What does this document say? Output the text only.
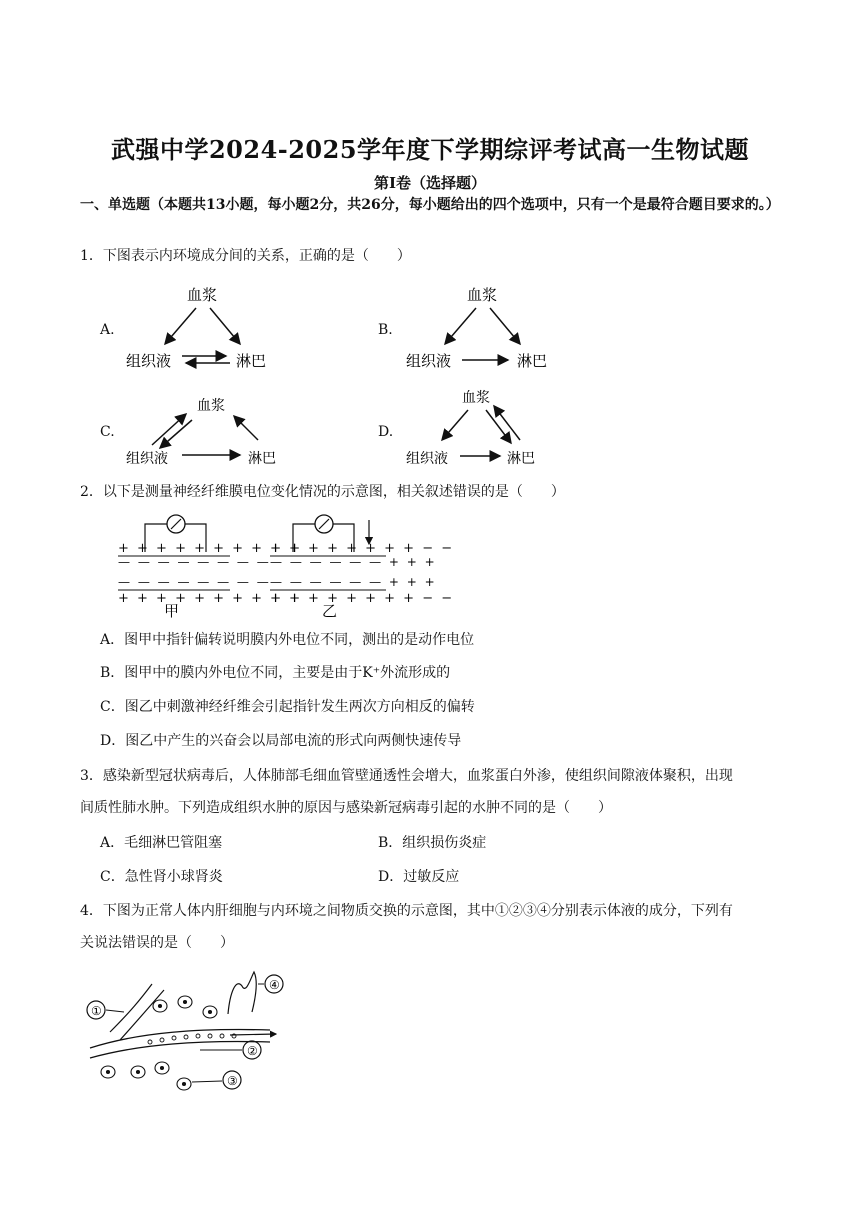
武强中学2024-2025学年度下学期综评考试高一生物试题
第Ⅰ卷（选择题）
一、单选题（本题共13小题，每小题2分，共26分，每小题给出的四个选项中，只有一个是最符合题目要求的。）
1．下图表示内环境成分间的关系，正确的是（　　）
A.	B.
C.	D.
血浆
组织液	淋巴
血浆
组织液	淋巴
血浆
组织液	淋巴
血浆
组织液	淋巴
2．以下是测量神经纤维膜电位变化情况的示意图，相关叙述错误的是（　　）
+ + + + + + + + + +
— — — — — — — —
— — — — — — — —
+ + + + + + + + + +
甲
+ + + + + + + + − −
— — — — — — + + +
— — — — — — + + +
+ + + + + + + + − −
乙
A．图甲中指针偏转说明膜内外电位不同，测出的是动作电位
B．图甲中的膜内外电位不同，主要是由于K⁺外流形成的
C．图乙中刺激神经纤维会引起指针发生两次方向相反的偏转
D．图乙中产生的兴奋会以局部电流的形式向两侧快速传导
3．感染新型冠状病毒后，人体肺部毛细血管壁通透性会增大，血浆蛋白外渗，使组织间隙液体聚积，出现
间质性肺水肿。下列造成组织水肿的原因与感染新冠病毒引起的水肿不同的是（　　）
A．毛细淋巴管阻塞	B．组织损伤炎症
C．急性肾小球肾炎	D．过敏反应
4．下图为正常人体内肝细胞与内环境之间物质交换的示意图，其中①②③④分别表示体液的成分，下列有
关说法错误的是（　　）
①
②
③
④
